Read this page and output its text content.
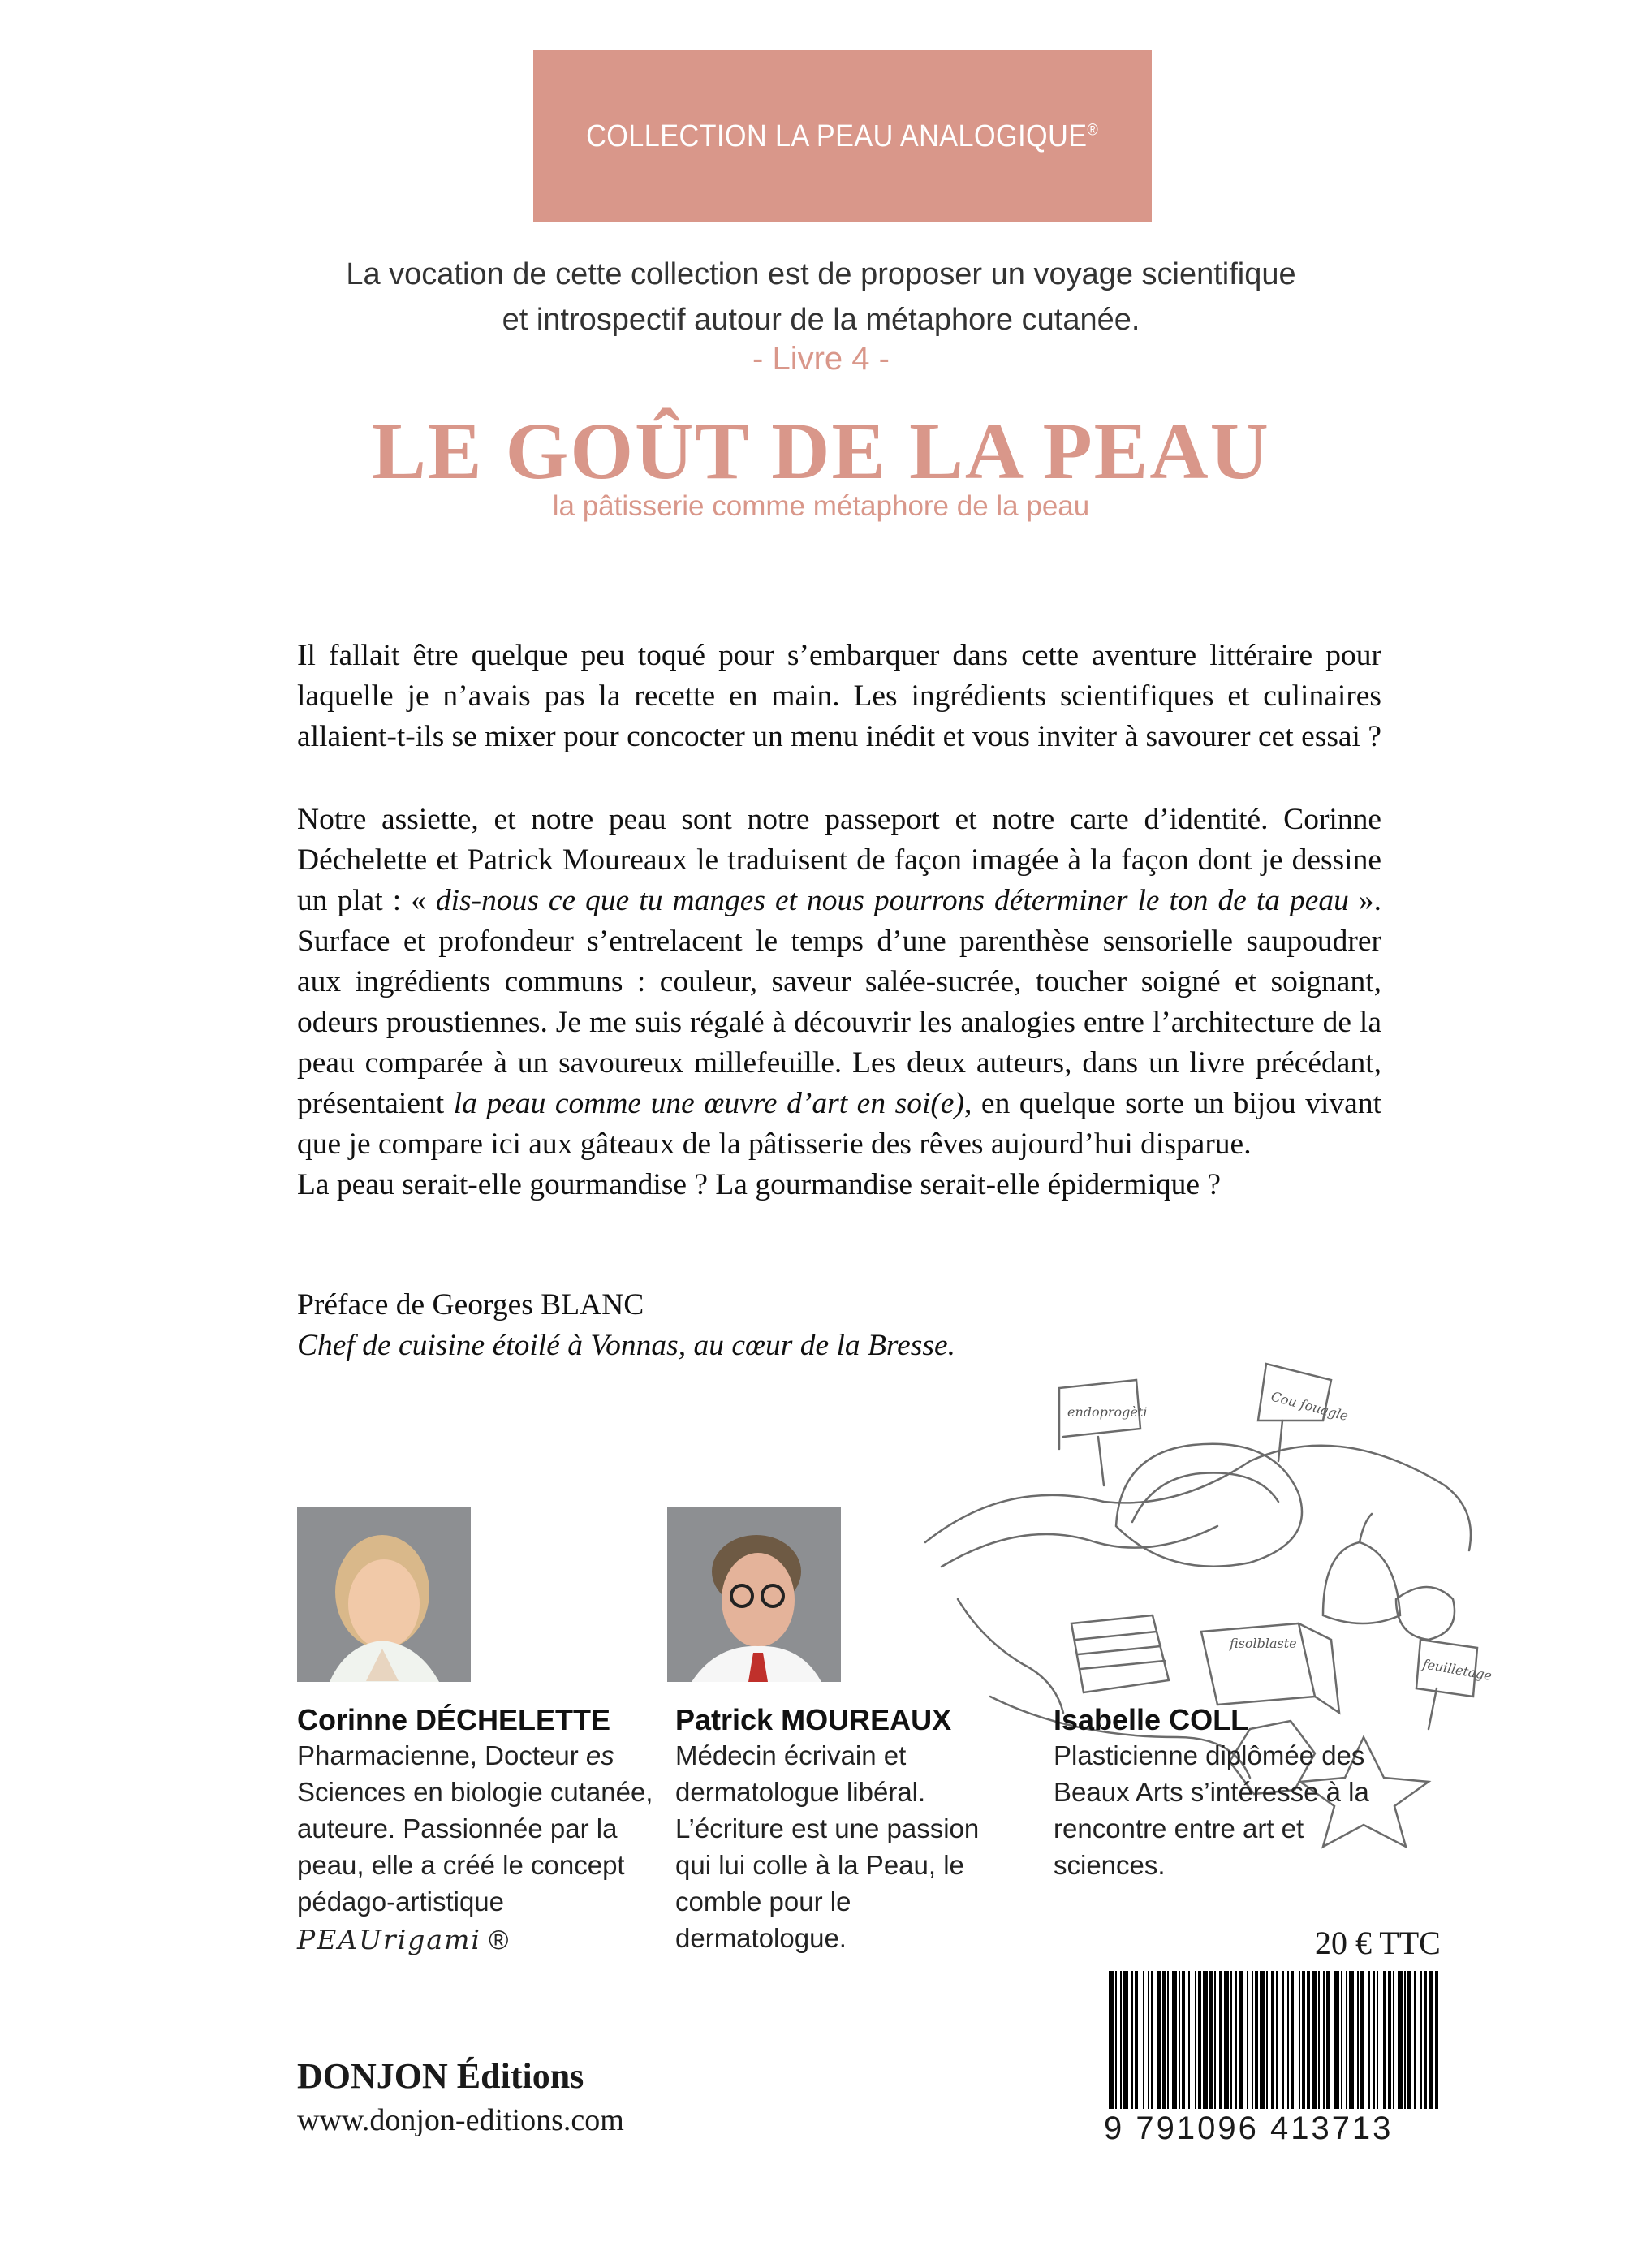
COLLECTION LA PEAU ANALOGIQUE®
La vocation de cette collection est de proposer un voyage scientifique
et introspectif autour de la métaphore cutanée.
- Livre 4 -
LE GOÛT DE LA PEAU
la pâtisserie comme métaphore de la peau

Il fallait être quelque peu toqué pour s’embarquer dans cette aventure littéraire pour laquelle je n’avais pas la recette en main. Les ingrédients scientifiques et culinaires allaient-t-ils se mixer pour concocter un menu inédit et vous inviter à savourer cet essai ?

Notre assiette, et notre peau sont notre passeport et notre carte d’identité. Corinne Déchelette et Patrick Moureaux le traduisent de façon imagée à la façon dont je dessine un plat : « dis-nous ce que tu manges et nous pourrons déterminer le ton de ta peau ». Surface et profondeur s’entrelacent le temps d’une parenthèse sensorielle saupoudrer aux ingrédients communs : couleur, saveur salée-sucrée, toucher soigné et soignant, odeurs proustiennes. Je me suis régalé à découvrir les analogies entre l’architecture de la peau comparée à un savoureux millefeuille. Les deux auteurs, dans un livre précédant, présentaient la peau comme une œuvre d’art en soi(e), en quelque sorte un bijou vivant que je compare ici aux gâteaux de la pâtisserie des rêves aujourd’hui disparue.

La peau serait-elle gourmandise ? La gourmandise serait-elle épidermique ?

Préface de Georges BLANC

Chef de cuisine étoilé à Vonnas, au cœur de la Bresse.

endoprogèti	Cou fouagle
feuilletage
fisolblaste
Corinne DÉCHELETTE
Pharmacienne, Docteur es Sciences en biologie cutanée, auteure. Passionnée par la peau, elle a créé le concept pédago-artistique
PEAUrigami ®
Patrick MOUREAUX
Médecin écrivain et dermatologue libéral. L’écriture est une passion qui lui colle à la Peau, le comble pour le dermatologue.
Isabelle COLL
Plasticienne diplômée des Beaux Arts s’intéresse à la rencontre entre art et sciences.
20 € TTC
9 791096 413713
DONJON Éditions
www.donjon-editions.com
